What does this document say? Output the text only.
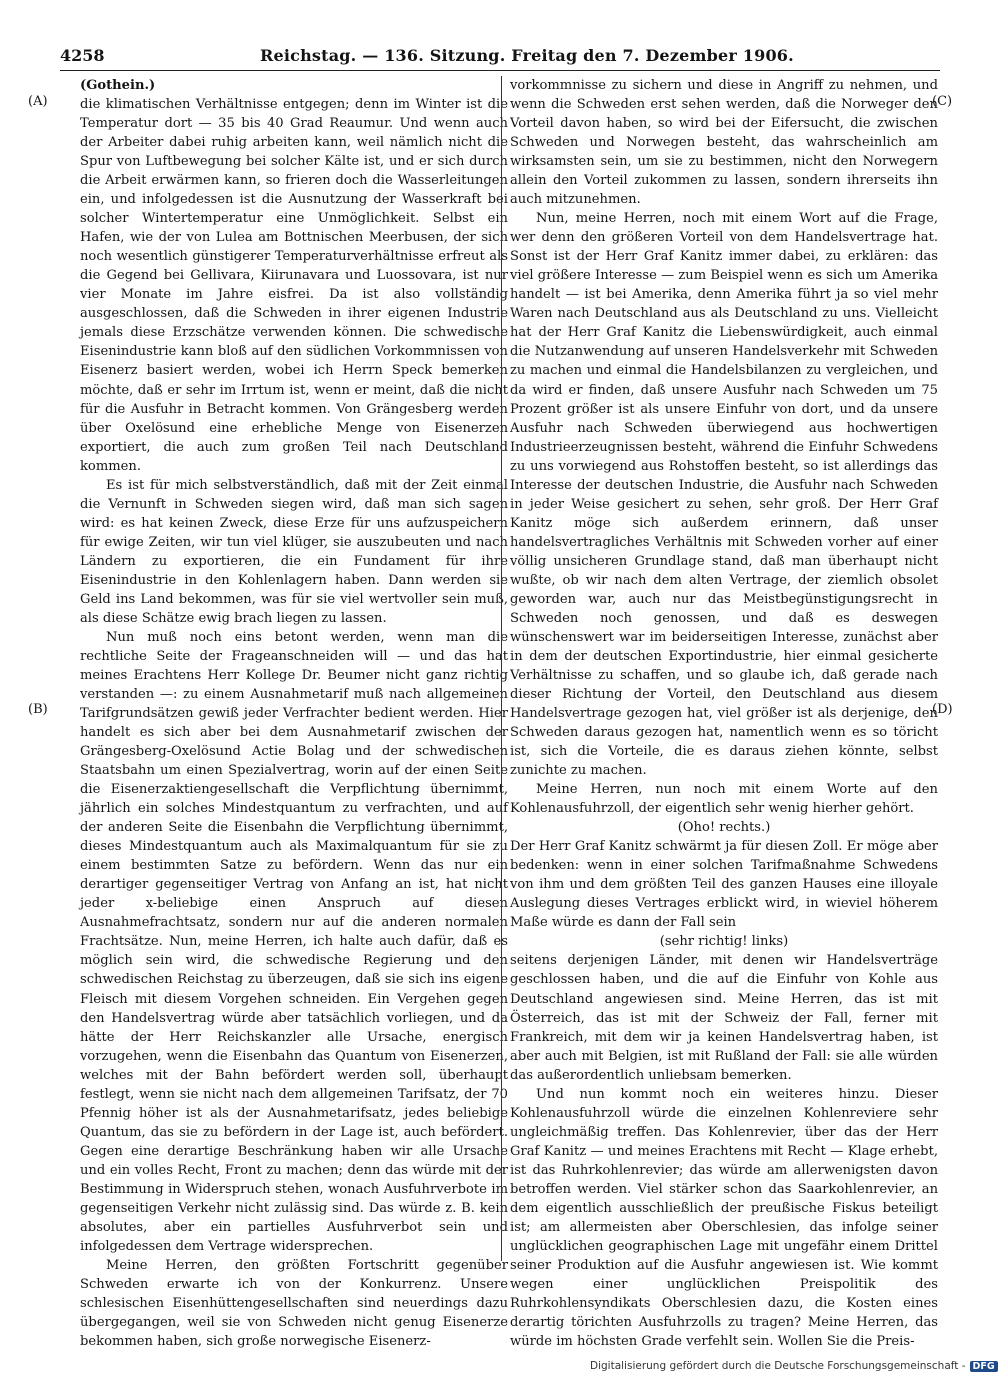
4258	Reichstag. — 136. Sitzung. Freitag den 7. Dezember 1906.
(A)
(B)
(C)
(D)

(Gothein.)

die klimatischen Verhältnisse entgegen; denn im Winter ist die Temperatur dort — 35 bis 40 Grad Reaumur. Und wenn auch der Arbeiter dabei ruhig arbeiten kann, weil nämlich nicht die Spur von Luftbewegung bei solcher Kälte ist, und er sich durch die Arbeit erwärmen kann, so frieren doch die Wasserleitungen ein, und infolgedessen ist die Ausnutzung der Wasserkraft bei solcher Wintertemperatur eine Unmöglichkeit. Selbst ein Hafen, wie der von Lulea am Bottnischen Meerbusen, der sich noch wesentlich günstigerer Temperaturverhältnisse erfreut als die Gegend bei Gellivara, Kiirunavara und Luossovara, ist nur vier Monate im Jahre eisfrei. Da ist also vollständig ausgeschlossen, daß die Schweden in ihrer eigenen Industrie jemals diese Erzschätze verwenden können. Die schwedische Eisenindustrie kann bloß auf den südlichen Vorkommnissen von Eisenerz basiert werden, wobei ich Herrn Speck bemerken möchte, daß er sehr im Irrtum ist, wenn er meint, daß die nicht für die Ausfuhr in Betracht kommen. Von Grängesberg werden über Oxelösund eine erhebliche Menge von Eisenerzen exportiert, die auch zum großen Teil nach Deutschland kommen.

Es ist für mich selbstverständlich, daß mit der Zeit einmal die Vernunft in Schweden siegen wird, daß man sich sagen wird: es hat keinen Zweck, diese Erze für uns aufzuspeichern für ewige Zeiten, wir tun viel klüger, sie auszubeuten und nach Ländern zu exportieren, die ein Fundament für ihre Eisenindustrie in den Kohlenlagern haben. Dann werden sie Geld ins Land bekommen, was für sie viel wertvoller sein muß, als diese Schätze ewig brach liegen zu lassen.

Nun muß noch eins betont werden, wenn man die rechtliche Seite der Frageanschneiden will — und das hat meines Erachtens Herr Kollege Dr. Beumer nicht ganz richtig verstanden —: zu einem Ausnahmetarif muß nach allgemeinen Tarifgrundsätzen gewiß jeder Verfrachter bedient werden. Hier handelt es sich aber bei dem Ausnahmetarif zwischen der Grängesberg-Oxelösund Actie Bolag und der schwedischen Staatsbahn um einen Spezialvertrag, worin auf der einen Seite die Eisenerzaktiengesellschaft die Verpflichtung übernimmt, jährlich ein solches Mindestquantum zu verfrachten, und auf der anderen Seite die Eisenbahn die Verpflichtung übernimmt, dieses Mindestquantum auch als Maximalquantum für sie zu einem bestimmten Satze zu befördern. Wenn das nur ein derartiger gegenseitiger Vertrag von Anfang an ist, hat nicht jeder x-beliebige einen Anspruch auf diesen Ausnahmefrachtsatz, sondern nur auf die anderen normalen Frachtsätze. Nun, meine Herren, ich halte auch dafür, daß es möglich sein wird, die schwedische Regierung und den schwedischen Reichstag zu überzeugen, daß sie sich ins eigene Fleisch mit diesem Vorgehen schneiden. Ein Vergehen gegen den Handelsvertrag würde aber tatsächlich vorliegen, und da hätte der Herr Reichskanzler alle Ursache, energisch vorzugehen, wenn die Eisenbahn das Quantum von Eisenerzen, welches mit der Bahn befördert werden soll, überhaupt festlegt, wenn sie nicht nach dem allgemeinen Tarifsatz, der 70 Pfennig höher ist als der Ausnahmetarifsatz, jedes beliebige Quantum, das sie zu befördern in der Lage ist, auch befördert. Gegen eine derartige Beschränkung haben wir alle Ursache und ein volles Recht, Front zu machen; denn das würde mit der Bestimmung in Widerspruch stehen, wonach Ausfuhrverbote im gegenseitigen Verkehr nicht zulässig sind. Das würde z. B. kein absolutes, aber ein partielles Ausfuhrverbot sein und infolgedessen dem Vertrage widersprechen.

Meine Herren, den größten Fortschritt gegenüber Schweden erwarte ich von der Konkurrenz. Unsere schlesischen Eisenhüttengesellschaften sind neuerdings dazu übergegangen, weil sie von Schweden nicht genug Eisenerze bekommen haben, sich große norwegische Eisenerz-

vorkommnisse zu sichern und diese in Angriff zu nehmen, und wenn die Schweden erst sehen werden, daß die Norweger den Vorteil davon haben, so wird bei der Eifersucht, die zwischen Schweden und Norwegen besteht, das wahrscheinlich am wirksamsten sein, um sie zu bestimmen, nicht den Norwegern allein den Vorteil zukommen zu lassen, sondern ihrerseits ihn auch mitzunehmen.

Nun, meine Herren, noch mit einem Wort auf die Frage, wer denn den größeren Vorteil von dem Handelsvertrage hat. Sonst ist der Herr Graf Kanitz immer dabei, zu erklären: das viel größere Interesse — zum Beispiel wenn es sich um Amerika handelt — ist bei Amerika, denn Amerika führt ja so viel mehr Waren nach Deutschland aus als Deutschland zu uns. Vielleicht hat der Herr Graf Kanitz die Liebenswürdigkeit, auch einmal die Nutzanwendung auf unseren Handelsverkehr mit Schweden zu machen und einmal die Handelsbilanzen zu vergleichen, und da wird er finden, daß unsere Ausfuhr nach Schweden um 75 Prozent größer ist als unsere Einfuhr von dort, und da unsere Ausfuhr nach Schweden überwiegend aus hochwertigen Industrieerzeugnissen besteht, während die Einfuhr Schwedens zu uns vorwiegend aus Rohstoffen besteht, so ist allerdings das Interesse der deutschen Industrie, die Ausfuhr nach Schweden in jeder Weise gesichert zu sehen, sehr groß. Der Herr Graf Kanitz möge sich außerdem erinnern, daß unser handelsvertragliches Verhältnis mit Schweden vorher auf einer völlig unsicheren Grundlage stand, daß man überhaupt nicht wußte, ob wir nach dem alten Vertrage, der ziemlich obsolet geworden war, auch nur das Meistbegünstigungsrecht in Schweden noch genossen, und daß es deswegen wünschenswert war im beiderseitigen Interesse, zunächst aber in dem der deutschen Exportindustrie, hier einmal gesicherte Verhältnisse zu schaffen, und so glaube ich, daß gerade nach dieser Richtung der Vorteil, den Deutschland aus diesem Handelsvertrage gezogen hat, viel größer ist als derjenige, den Schweden daraus gezogen hat, namentlich wenn es so töricht ist, sich die Vorteile, die es daraus ziehen könnte, selbst zunichte zu machen.

Meine Herren, nun noch mit einem Worte auf den Kohlenausfuhrzoll, der eigentlich sehr wenig hierher gehört.

(Oho! rechts.)

Der Herr Graf Kanitz schwärmt ja für diesen Zoll. Er möge aber bedenken: wenn in einer solchen Tarifmaßnahme Schwedens von ihm und dem größten Teil des ganzen Hauses eine illoyale Auslegung dieses Vertrages erblickt wird, in wieviel höherem Maße würde es dann der Fall sein

(sehr richtig! links)

seitens derjenigen Länder, mit denen wir Handelsverträge geschlossen haben, und die auf die Einfuhr von Kohle aus Deutschland angewiesen sind. Meine Herren, das ist mit Österreich, das ist mit der Schweiz der Fall, ferner mit Frankreich, mit dem wir ja keinen Handelsvertrag haben, ist aber auch mit Belgien, ist mit Rußland der Fall: sie alle würden das außerordentlich unliebsam bemerken.

Und nun kommt noch ein weiteres hinzu. Dieser Kohlenausfuhrzoll würde die einzelnen Kohlenreviere sehr ungleichmäßig treffen. Das Kohlenrevier, über das der Herr Graf Kanitz — und meines Erachtens mit Recht — Klage erhebt, ist das Ruhrkohlenrevier; das würde am allerwenigsten davon betroffen werden. Viel stärker schon das Saarkohlenrevier, an dem eigentlich ausschließlich der preußische Fiskus beteiligt ist; am allermeisten aber Oberschlesien, das infolge seiner unglücklichen geographischen Lage mit ungefähr einem Drittel seiner Produktion auf die Ausfuhr angewiesen ist. Wie kommt wegen einer unglücklichen Preispolitik des Ruhrkohlensyndikats Oberschlesien dazu, die Kosten eines derartig törichten Ausfuhrzolls zu tragen? Meine Herren, das würde im höchsten Grade verfehlt sein. Wollen Sie die Preis-

Digitalisierung gefördert durch die Deutsche Forschungsgemeinschaft - DFG
